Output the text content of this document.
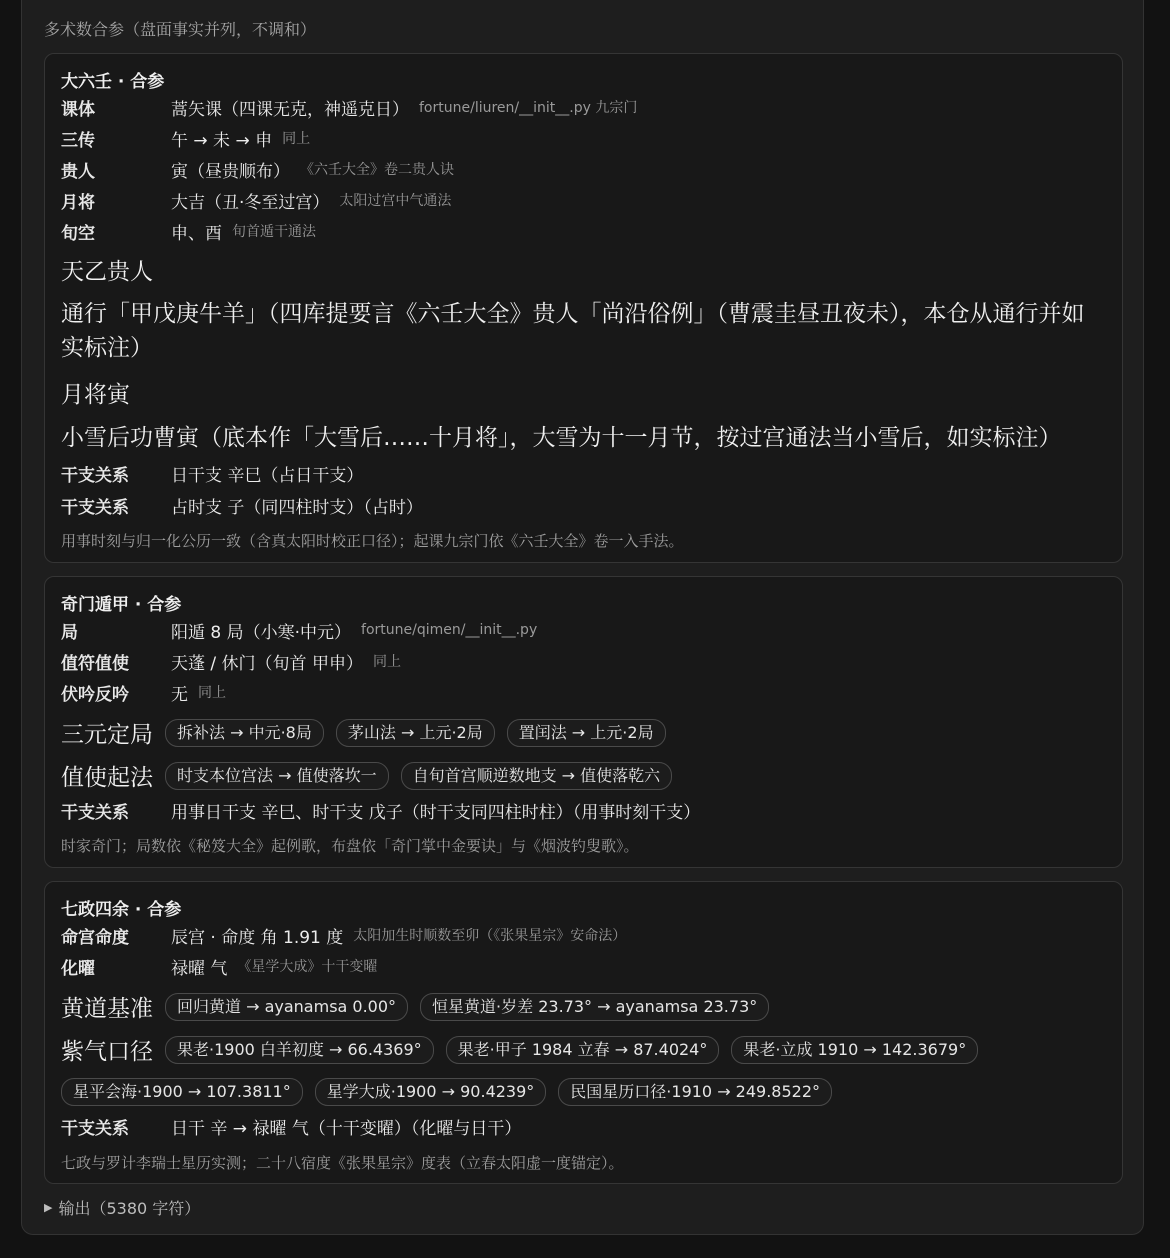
多术数合参（盘面事实并列，不调和）
大六壬 · 合参
课体	蒿矢课（四课无克，神遥克日） fortune/liuren/__init__.py 九宗门
三传	午 → 未 → 申 同上
贵人	寅（昼贵顺布） 《六壬大全》卷二贵人诀
月将	大吉（丑·冬至过宫） 太阳过宫中气通法
旬空	申、酉 旬首遁干通法
天乙贵人
通行「甲戊庚牛羊」（四库提要言《六壬大全》贵人「尚沿俗例」（曹震圭昼丑夜未），本仓从通行并如实标注）
月将寅
小雪后功曹寅（底本作「大雪后……十月将」，大雪为十一月节，按过宫通法当小雪后，如实标注）
干支关系	日干支 辛巳（占日干支）
干支关系	占时支 子（同四柱时支）（占时）
用事时刻与归一化公历一致（含真太阳时校正口径）；起课九宗门依《六壬大全》卷一入手法。
奇门遁甲 · 合参
局	阳遁 8 局（小寒·中元） fortune/qimen/__init__.py
值符值使	天蓬 / 休门（旬首 甲申） 同上
伏吟反吟	无 同上
三元定局	拆补法 → 中元·8局	茅山法 → 上元·2局	置闰法 → 上元·2局
值使起法	时支本位宫法 → 值使落坎一	自旬首宫顺逆数地支 → 值使落乾六
干支关系	用事日干支 辛巳、时干支 戊子（时干支同四柱时柱）（用事时刻干支）
时家奇门；局数依《秘笈大全》起例歌，布盘依「奇门掌中金要诀」与《烟波钓叟歌》。
七政四余 · 合参
命宫命度	辰宫 · 命度 角 1.91 度 太阳加生时顺数至卯（《张果星宗》安命法）
化曜	禄曜 气 《星学大成》十干变曜
黄道基准	回归黄道 → ayanamsa 0.00°	恒星黄道·岁差 23.73° → ayanamsa 23.73°
紫气口径	果老·1900 白羊初度 → 66.4369°	果老·甲子 1984 立春 → 87.4024°	果老·立成 1910 → 142.3679°
星平会海·1900 → 107.3811°	星学大成·1900 → 90.4239°	民国星历口径·1910 → 249.8522°
干支关系	日干 辛 → 禄曜 气（十干变曜）（化曜与日干）
七政与罗计李瑞士星历实测；二十八宿度《张果星宗》度表（立春太阳虚一度锚定）。
▶ 输出（5380 字符）
